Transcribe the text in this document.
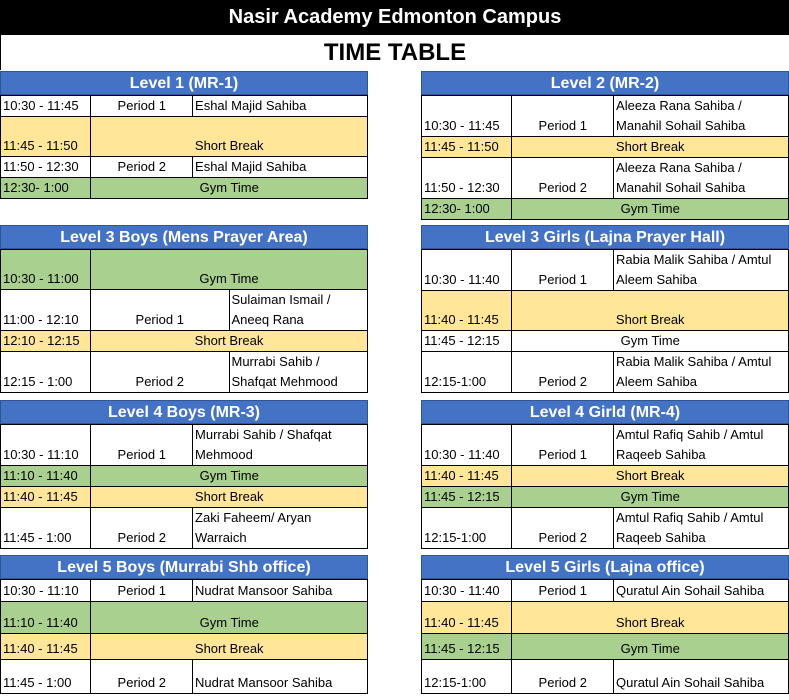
Nasir Academy Edmonton Campus
TIME TABLE
Level 1 (MR-1)
10:30 - 11:45	Period 1	Eshal Majid Sahiba
11:45 - 11:50	Short Break	
11:50 - 12:30	Period 2	Eshal Majid Sahiba
12:30- 1:00	Gym Time	
Level 2 (MR-2)
10:30 - 11:45	Period 1	Aleeza Rana Sahiba / Manahil Sohail Sahiba
11:45 - 11:50	Short Break	
11:50 - 12:30	Period 2	Aleeza Rana Sahiba / Manahil Sohail Sahiba
12:30- 1:00	Gym Time	
Level 3 Boys (Mens Prayer Area)
10:30 - 11:00	Gym Time	
11:00 - 12:10	Period 1	Sulaiman Ismail / Aneeq Rana
12:10 - 12:15	Short Break	
12:15 - 1:00	Period 2	Murrabi Sahib / Shafqat Mehmood
Level 3 Girls (Lajna Prayer Hall)
10:30 - 11:40	Period 1	Rabia Malik Sahiba / Amtul Aleem Sahiba
11:40 - 11:45	Short Break	
11:45 - 12:15	Gym Time	
12:15-1:00	Period 2	Rabia Malik Sahiba / Amtul Aleem Sahiba
Level 4 Boys (MR-3)
10:30 - 11:10	Period 1	Murrabi Sahib / Shafqat Mehmood
11:10 - 11:40	Gym Time	
11:40 - 11:45	Short Break	
11:45 - 1:00	Period 2	Zaki Faheem/ Aryan Warraich
Level 4 Girld (MR-4)
10:30 - 11:40	Period 1	Amtul Rafiq Sahib / Amtul Raqeeb Sahiba
11:40 - 11:45	Short Break	
11:45 - 12:15	Gym Time	
12:15-1:00	Period 2	Amtul Rafiq Sahib / Amtul Raqeeb Sahiba
Level 5 Boys (Murrabi Shb office)
10:30 - 11:10	Period 1	Nudrat Mansoor Sahiba
11:10 - 11:40	Gym Time	
11:40 - 11:45	Short Break	
11:45 - 1:00	Period 2	Nudrat Mansoor Sahiba
Level 5 Girls (Lajna office)
10:30 - 11:40	Period 1	Quratul Ain Sohail Sahiba
11:40 - 11:45	Short Break	
11:45 - 12:15	Gym Time	
12:15-1:00	Period 2	Quratul Ain Sohail Sahiba
